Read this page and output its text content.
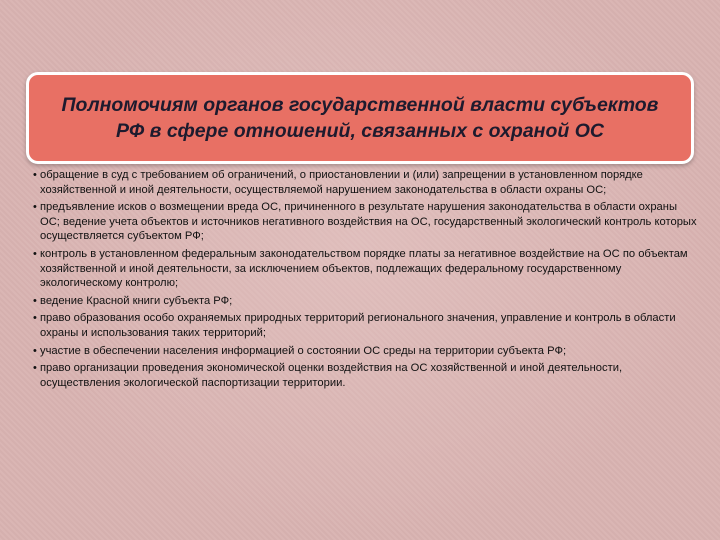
Полномочиям органов государственной власти субъектов
РФ в сфере отношений, связанных с охраной ОС

• обращение в суд с требованием об ограничений, о приостановлении и (или) запрещении в установленном порядке хозяйственной и иной деятельности, осуществляемой нарушением законодательства в области охраны ОС;
• предъявление исков о возмещении вреда ОС, причиненного в результате нарушения законодательства в области охраны ОС; ведение учета объектов и источников негативного воздействия на ОС, государственный экологический контроль которых осуществляется субъектом РФ;
• контроль в установленном федеральным законодательством порядке платы за негативное воздействие на ОС по объектам хозяйственной и иной деятельности, за исключением объектов, подлежащих федеральному государственному экологическому контролю;
• ведение Красной книги субъекта РФ;
• право образования особо охраняемых природных территорий регионального значения, управление и контроль в области охраны и использования таких территорий;
• участие в обеспечении населения информацией о состоянии ОС среды на территории субъекта РФ;
• право организации проведения экономической оценки воздействия на ОС хозяйственной и иной деятельности, осуществления экологической паспортизации территории.
